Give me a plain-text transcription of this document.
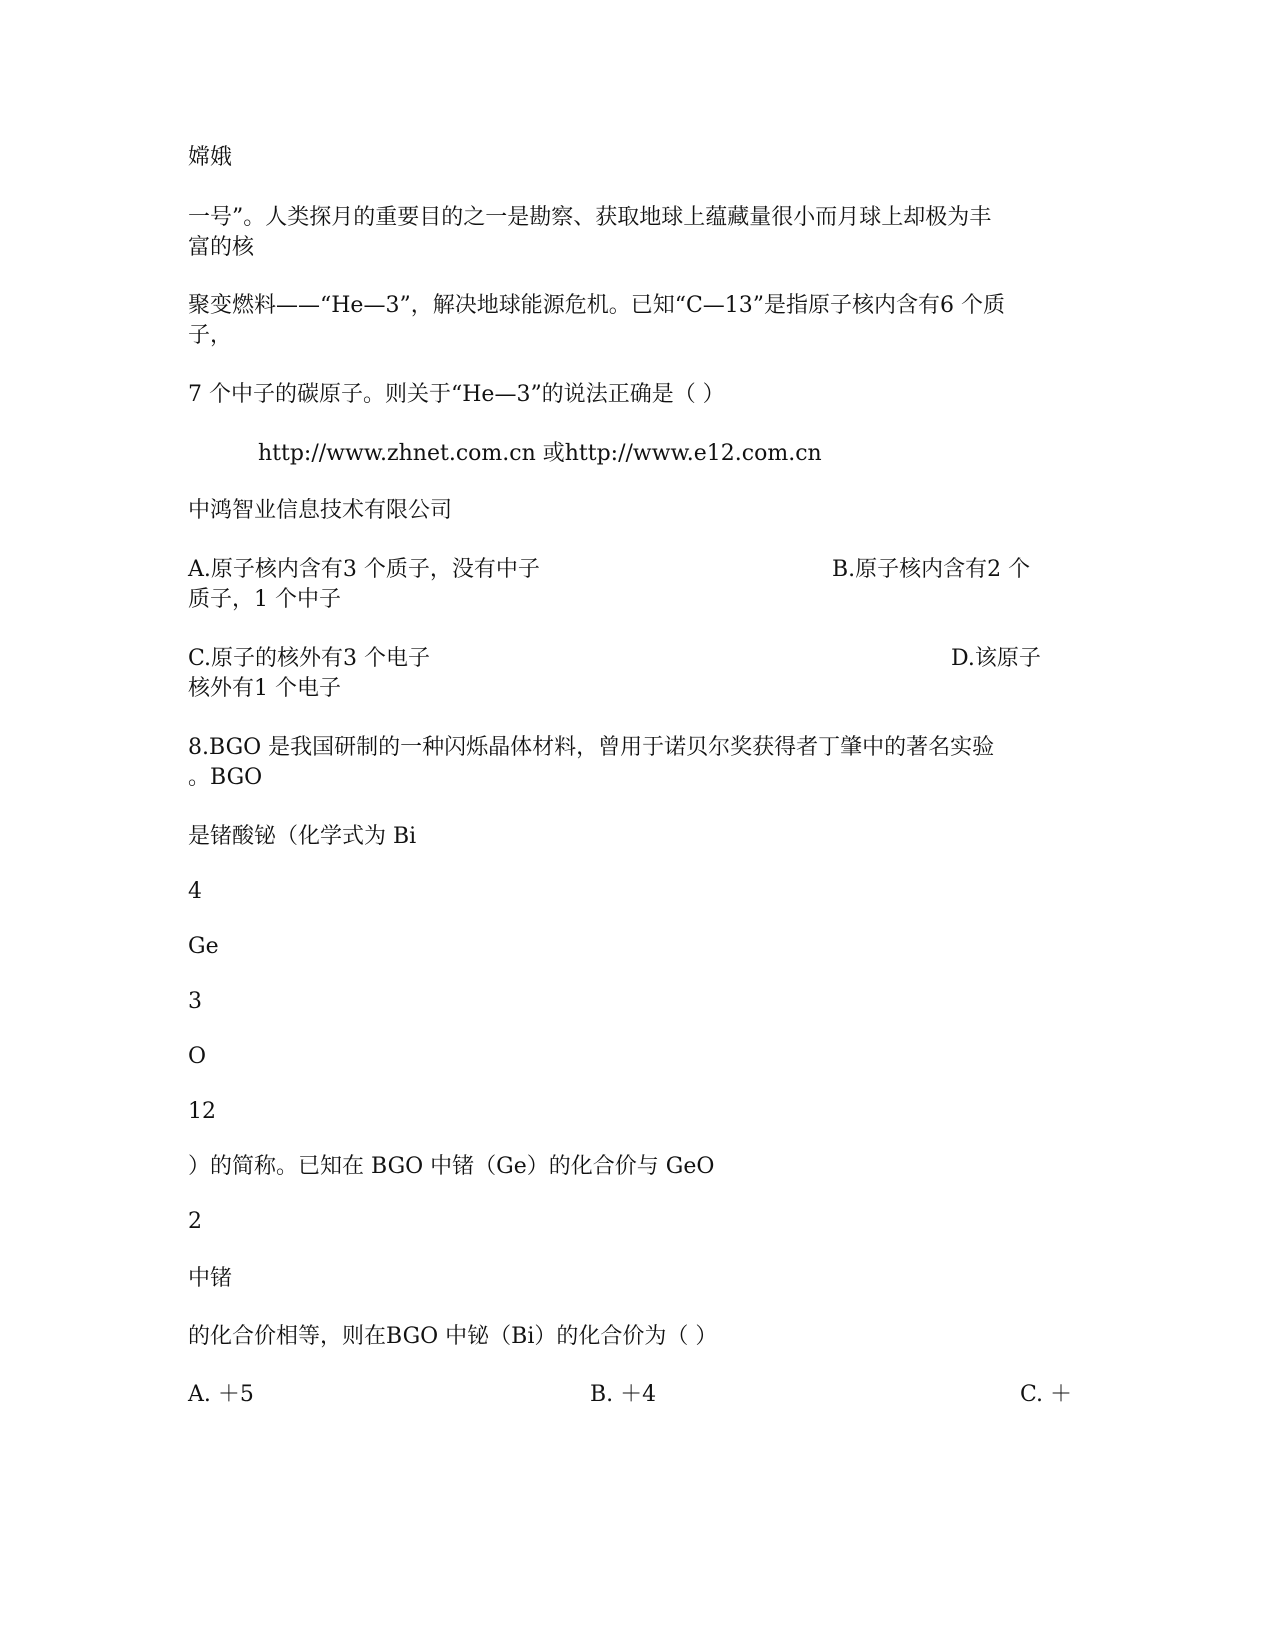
嫦娥
一号”。人类探月的重要目的之一是勘察、获取地球上蕴藏量很小而月球上却极为丰
富的核
聚变燃料——“He—3”，解决地球能源危机。已知“C—13”是指原子核内含有6 个质
子，
7 个中子的碳原子。则关于“He—3”的说法正确是（ ）
http://www.zhnet.com.cn 或http://www.e12.com.cn
中鸿智业信息技术有限公司
A.原子核内含有3 个质子，没有中子	B.原子核内含有2 个
质子，1 个中子
C.原子的核外有3 个电子	D.该原子
核外有1 个电子
8.BGO 是我国研制的一种闪烁晶体材料，曾用于诺贝尔奖获得者丁肇中的著名实验
。BGO
是锗酸铋（化学式为 Bi
4
Ge
3
O
12
）的简称。已知在 BGO 中锗（Ge）的化合价与 GeO
2
中锗
的化合价相等，则在BGO 中铋（Bi）的化合价为（ ）
A. ＋5	B. ＋4	C. ＋
